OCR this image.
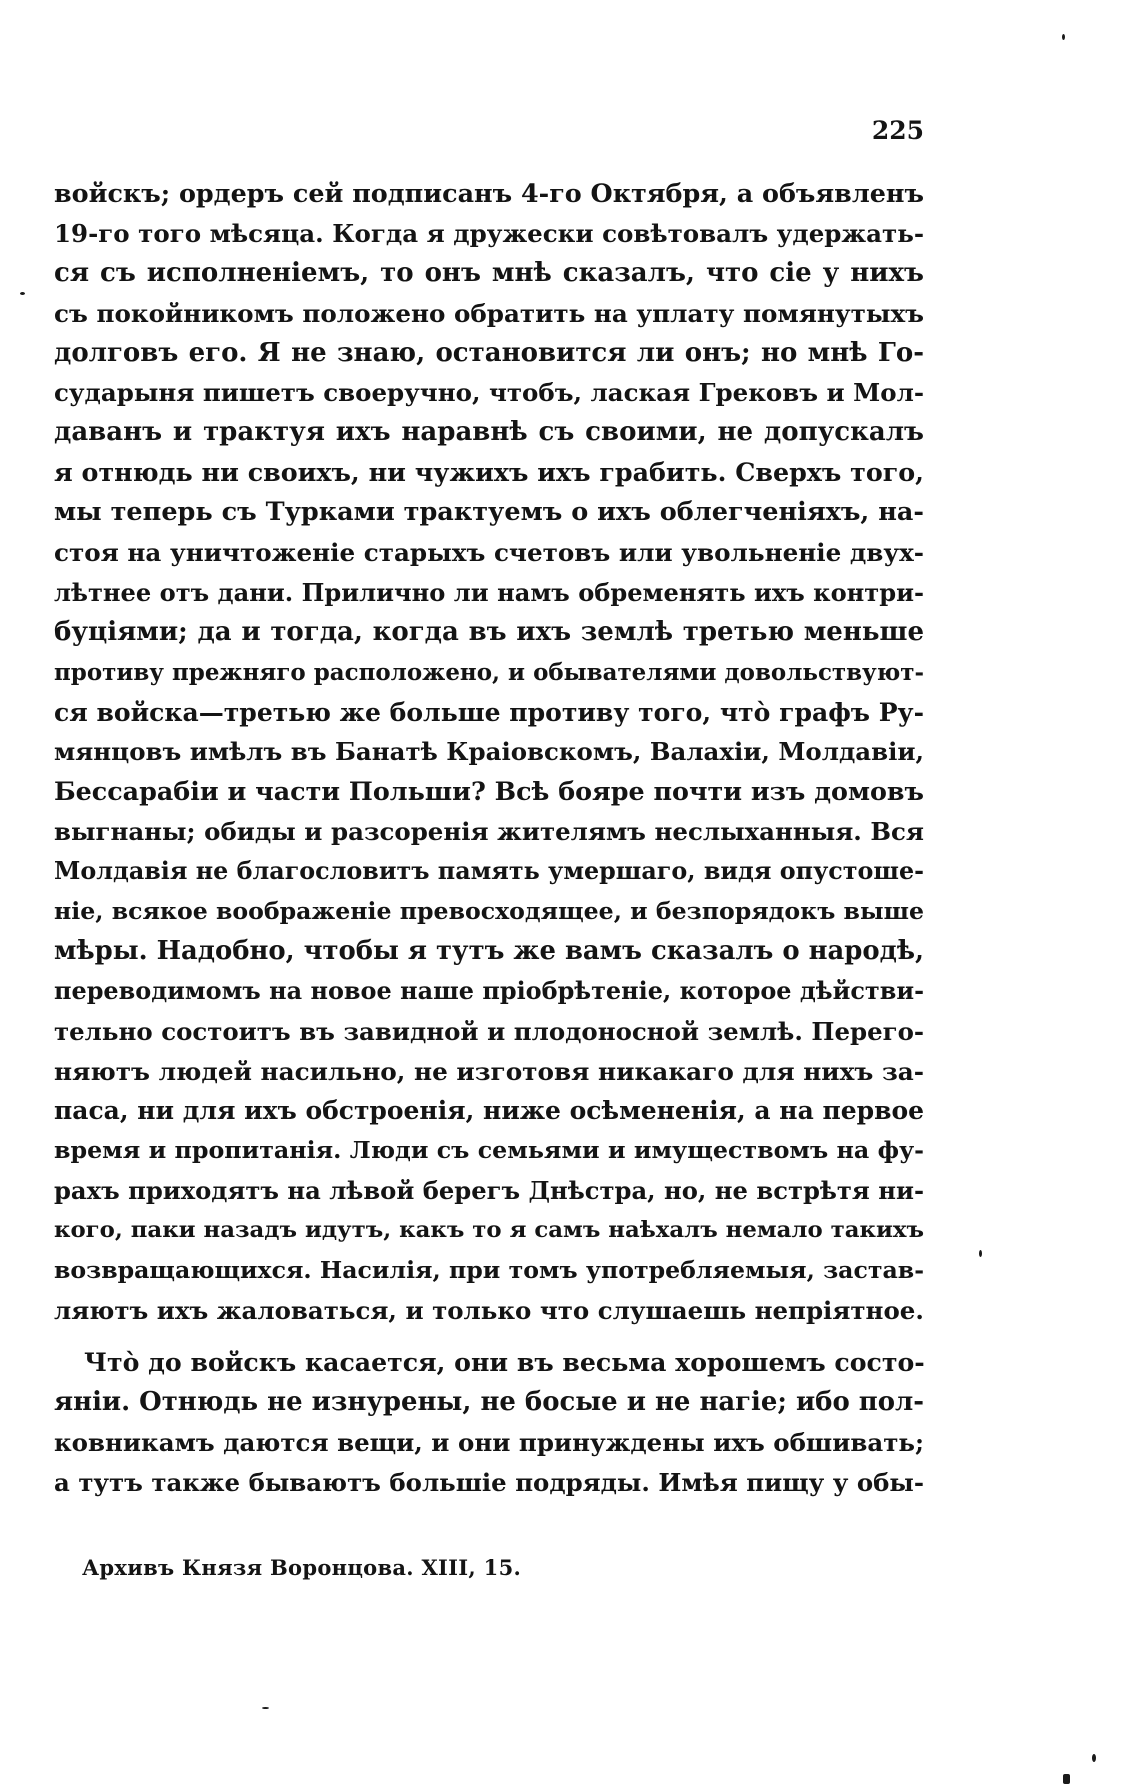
225
войскъ; ордеръ сей подписанъ 4-го Октября, а объявленъ
19-го того мѣсяца. Когда я дружески совѣтовалъ удержать-
ся съ исполненіемъ, то онъ мнѣ сказалъ, что сіе у нихъ
съ покойникомъ положено обратить на уплату помянутыхъ
долговъ его. Я не знаю, остановится ли онъ; но мнѣ Го-
сударыня пишетъ своеручно, чтобъ, лаская Грековъ и Мол-
даванъ и трактуя ихъ наравнѣ съ своими, не допускалъ
я отнюдь ни своихъ, ни чужихъ ихъ грабить. Сверхъ того,
мы теперь съ Турками трактуемъ о ихъ облегченіяхъ, на-
стоя на уничтоженіе старыхъ счетовъ или увольненіе двух-
лѣтнее отъ дани. Прилично ли намъ обременять ихъ контри-
буціями; да и тогда, когда въ ихъ землѣ третью меньше
противу прежняго расположено, и обывателями довольствуют-
ся войска—третью же больше противу того, чтò графъ Ру-
мянцовъ имѣлъ въ Банатѣ Краіовскомъ, Валахіи, Молдавіи,
Бессарабіи и части Польши? Всѣ бояре почти изъ домовъ
выгнаны; обиды и разсоренія жителямъ неслыханныя. Вся
Молдавія не благословитъ память умершаго, видя опустоше-
ніе, всякое воображеніе превосходящее, и безпорядокъ выше
мѣры. Надобно, чтобы я тутъ же вамъ сказалъ о народѣ,
переводимомъ на новое наше пріобрѣтеніе, которое дѣйстви-
тельно состоитъ въ завидной и плодоносной землѣ. Перего-
няютъ людей насильно, не изготовя никакаго для нихъ за-
паса, ни для ихъ обстроенія, ниже осѣмененія, а на первое
время и пропитанія. Люди съ семьями и имуществомъ на фу-
рахъ приходятъ на лѣвой берегъ Днѣстра, но, не встрѣтя ни-
кого, паки назадъ идутъ, какъ то я самъ наѣхалъ немало такихъ
возвращающихся. Насилія, при томъ употребляемыя, застав-
ляютъ ихъ жаловаться, и только что слушаешь непріятное.
Чтò до войскъ касается, они въ весьма хорошемъ состо-
яніи. Отнюдь не изнурены, не босые и не нагіе; ибо пол-
ковникамъ даются вещи, и они принуждены ихъ обшивать;
а тутъ также бываютъ большіе подряды. Имѣя пищу у обы-
Архивъ Князя Воронцова. XIII, 15.
